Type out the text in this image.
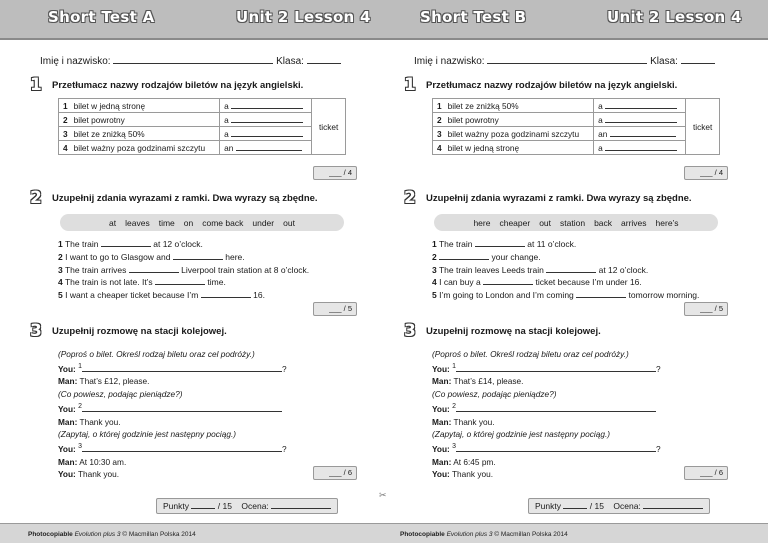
Short Test A	Unit 2 Lesson 4	Short Test B	Unit 2 Lesson 4
Imię i nazwisko:	Klasa:
1	Przetłumacz nazwy rodzajów biletów na język angielski.
1	bilet w jedną stronę	a	ticket
2	bilet powrotny	a	
3	bilet ze zniżką 50%	a	
4	bilet ważny poza godzinami szczytu	an	
___ / 4
2	Uzupełnij zdania wyrazami z ramki. Dwa wyrazy są zbędne.
at leaves time on come back under out
1 The train	at 12 o’clock.
2 I want to go to Glasgow and	here.
3 The train arrives	Liverpool train station at 8 o’clock.
4 The train is not late. It’s	time.
5 I want a cheaper ticket because I’m	16.
___ / 5
3	Uzupełnij rozmowę na stacji kolejowej.
(Poproś o bilet. Określ rodzaj biletu oraz cel podróży.)
You: $^1$	?
Man: That’s £12, please.
(Co powiesz, podając pieniądze?)
You: $^2$
Man: Thank you.
(Zapytaj, o której godzinie jest następny pociąg.)
You: $^3$	?
Man: At 10:30 am.
You: Thank you.	___ / 6
Punkty	/ 15 Ocena:
Imię i nazwisko:	Klasa:
1	Przetłumacz nazwy rodzajów biletów na język angielski.
1	bilet ze zniżką 50%	a	ticket
2	bilet powrotny	a	
3	bilet ważny poza godzinami szczytu	an	
4	bilet w jedną stronę	a	
___ / 4
2	Uzupełnij zdania wyrazami z ramki. Dwa wyrazy są zbędne.
here cheaper out station back arrives here’s
1 The train	at 11 o’clock.
2	your change.
3 The train leaves Leeds train	at 12 o’clock.
4 I can buy a	ticket because I’m under 16.
5 I’m going to London and I’m coming	tomorrow morning.
___ / 5
3	Uzupełnij rozmowę na stacji kolejowej.
(Poproś o bilet. Określ rodzaj biletu oraz cel podróży.)
You: $^1$	?
Man: That’s £14, please.
(Co powiesz, podając pieniądze?)
You: $^2$
Man: Thank you.
(Zapytaj, o której godzinie jest następny pociąg.)
You: $^3$	?
Man: At 6:45 pm.
You: Thank you.	___ / 6
Punkty	/ 15 Ocena:
✂
Photocopiable Evolution plus 3 © Macmillan Polska 2014	Photocopiable Evolution plus 3 © Macmillan Polska 2014
